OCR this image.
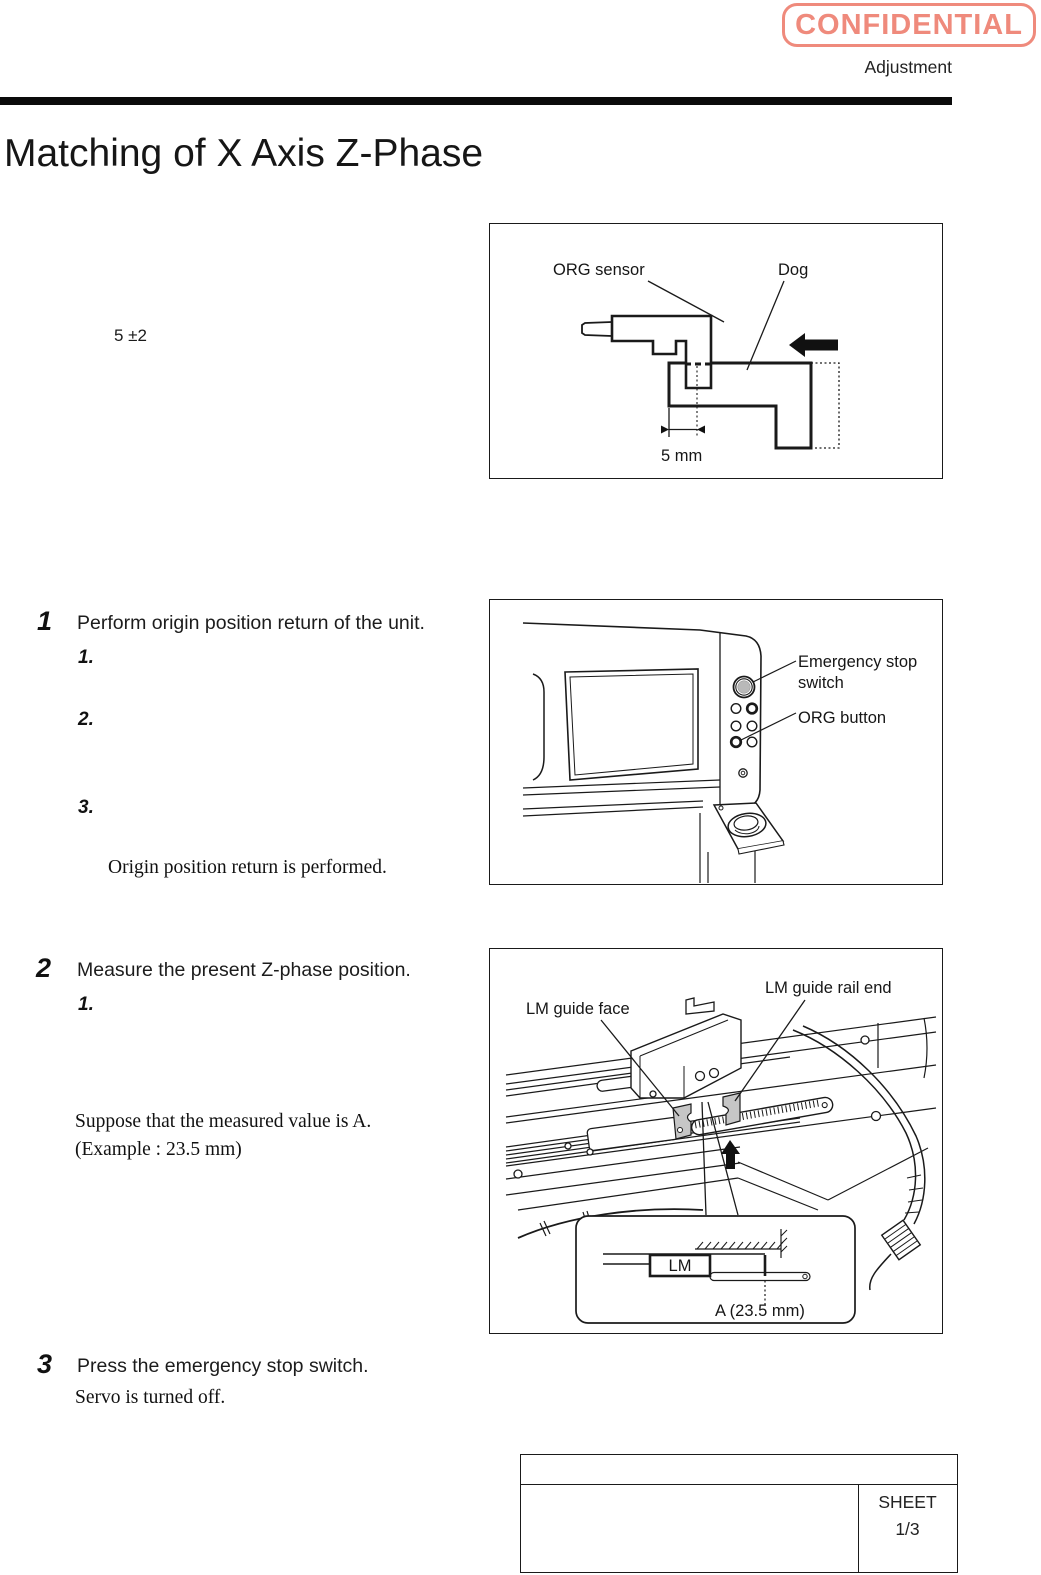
CONFIDENTIAL
Adjustment
Matching of X Axis Z-Phase
5 ±2
ORG sensor	Dog
5 mm
1 Perform origin position return of the unit.
1.
2.
3.
Origin position return is performed.
Emergency stop
switch
ORG button
2 Measure the present Z-phase position.
1.
Suppose that the measured value is A.
(Example : 23.5 mm)
LM
A (23.5 mm)
LM guide face
LM guide rail end
3 Press the emergency stop switch.
Servo is turned off.
SHEET
1/3
